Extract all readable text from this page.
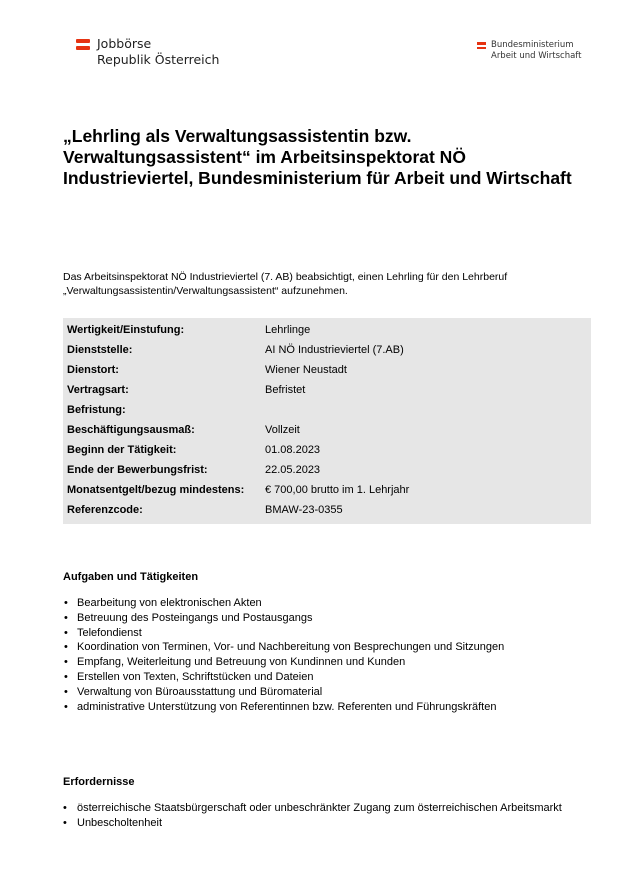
Jobbörse
Republik Österreich
Bundesministerium
Arbeit und Wirtschaft
„Lehrling als Verwaltungsassistentin bzw. Verwaltungsassistent“ im Arbeitsinspektorat NÖ Industrieviertel, Bundesministerium für Arbeit und Wirtschaft

Das Arbeitsinspektorat NÖ Industrieviertel (7. AB) beabsichtigt, einen Lehrling für den Lehrberuf „Verwaltungsassistentin/Verwaltungsassistent“ aufzunehmen.

Wertigkeit/Einstufung:	Lehrlinge
Dienststelle:	AI NÖ Industrieviertel (7.AB)
Dienstort:	Wiener Neustadt
Vertragsart:	Befristet
Befristung:
Beschäftigungsausmaß:	Vollzeit
Beginn der Tätigkeit:	01.08.2023
Ende der Bewerbungsfrist:	22.05.2023
Monatsentgelt/bezug mindestens:	€ 700,00 brutto im 1. Lehrjahr
Referenzcode:	BMAW-23-0355
Aufgaben und Tätigkeiten
• Bearbeitung von elektronischen Akten
• Betreuung des Posteingangs und Postausgangs
• Telefondienst
• Koordination von Terminen, Vor- und Nachbereitung von Besprechungen und Sitzungen
• Empfang, Weiterleitung und Betreuung von Kundinnen und Kunden
• Erstellen von Texten, Schriftstücken und Dateien
• Verwaltung von Büroausstattung und Büromaterial
• administrative Unterstützung von Referentinnen bzw. Referenten und Führungskräften
Erfordernisse
• österreichische Staatsbürgerschaft oder unbeschränkter Zugang zum österreichischen Arbeitsmarkt
• Unbescholtenheit
